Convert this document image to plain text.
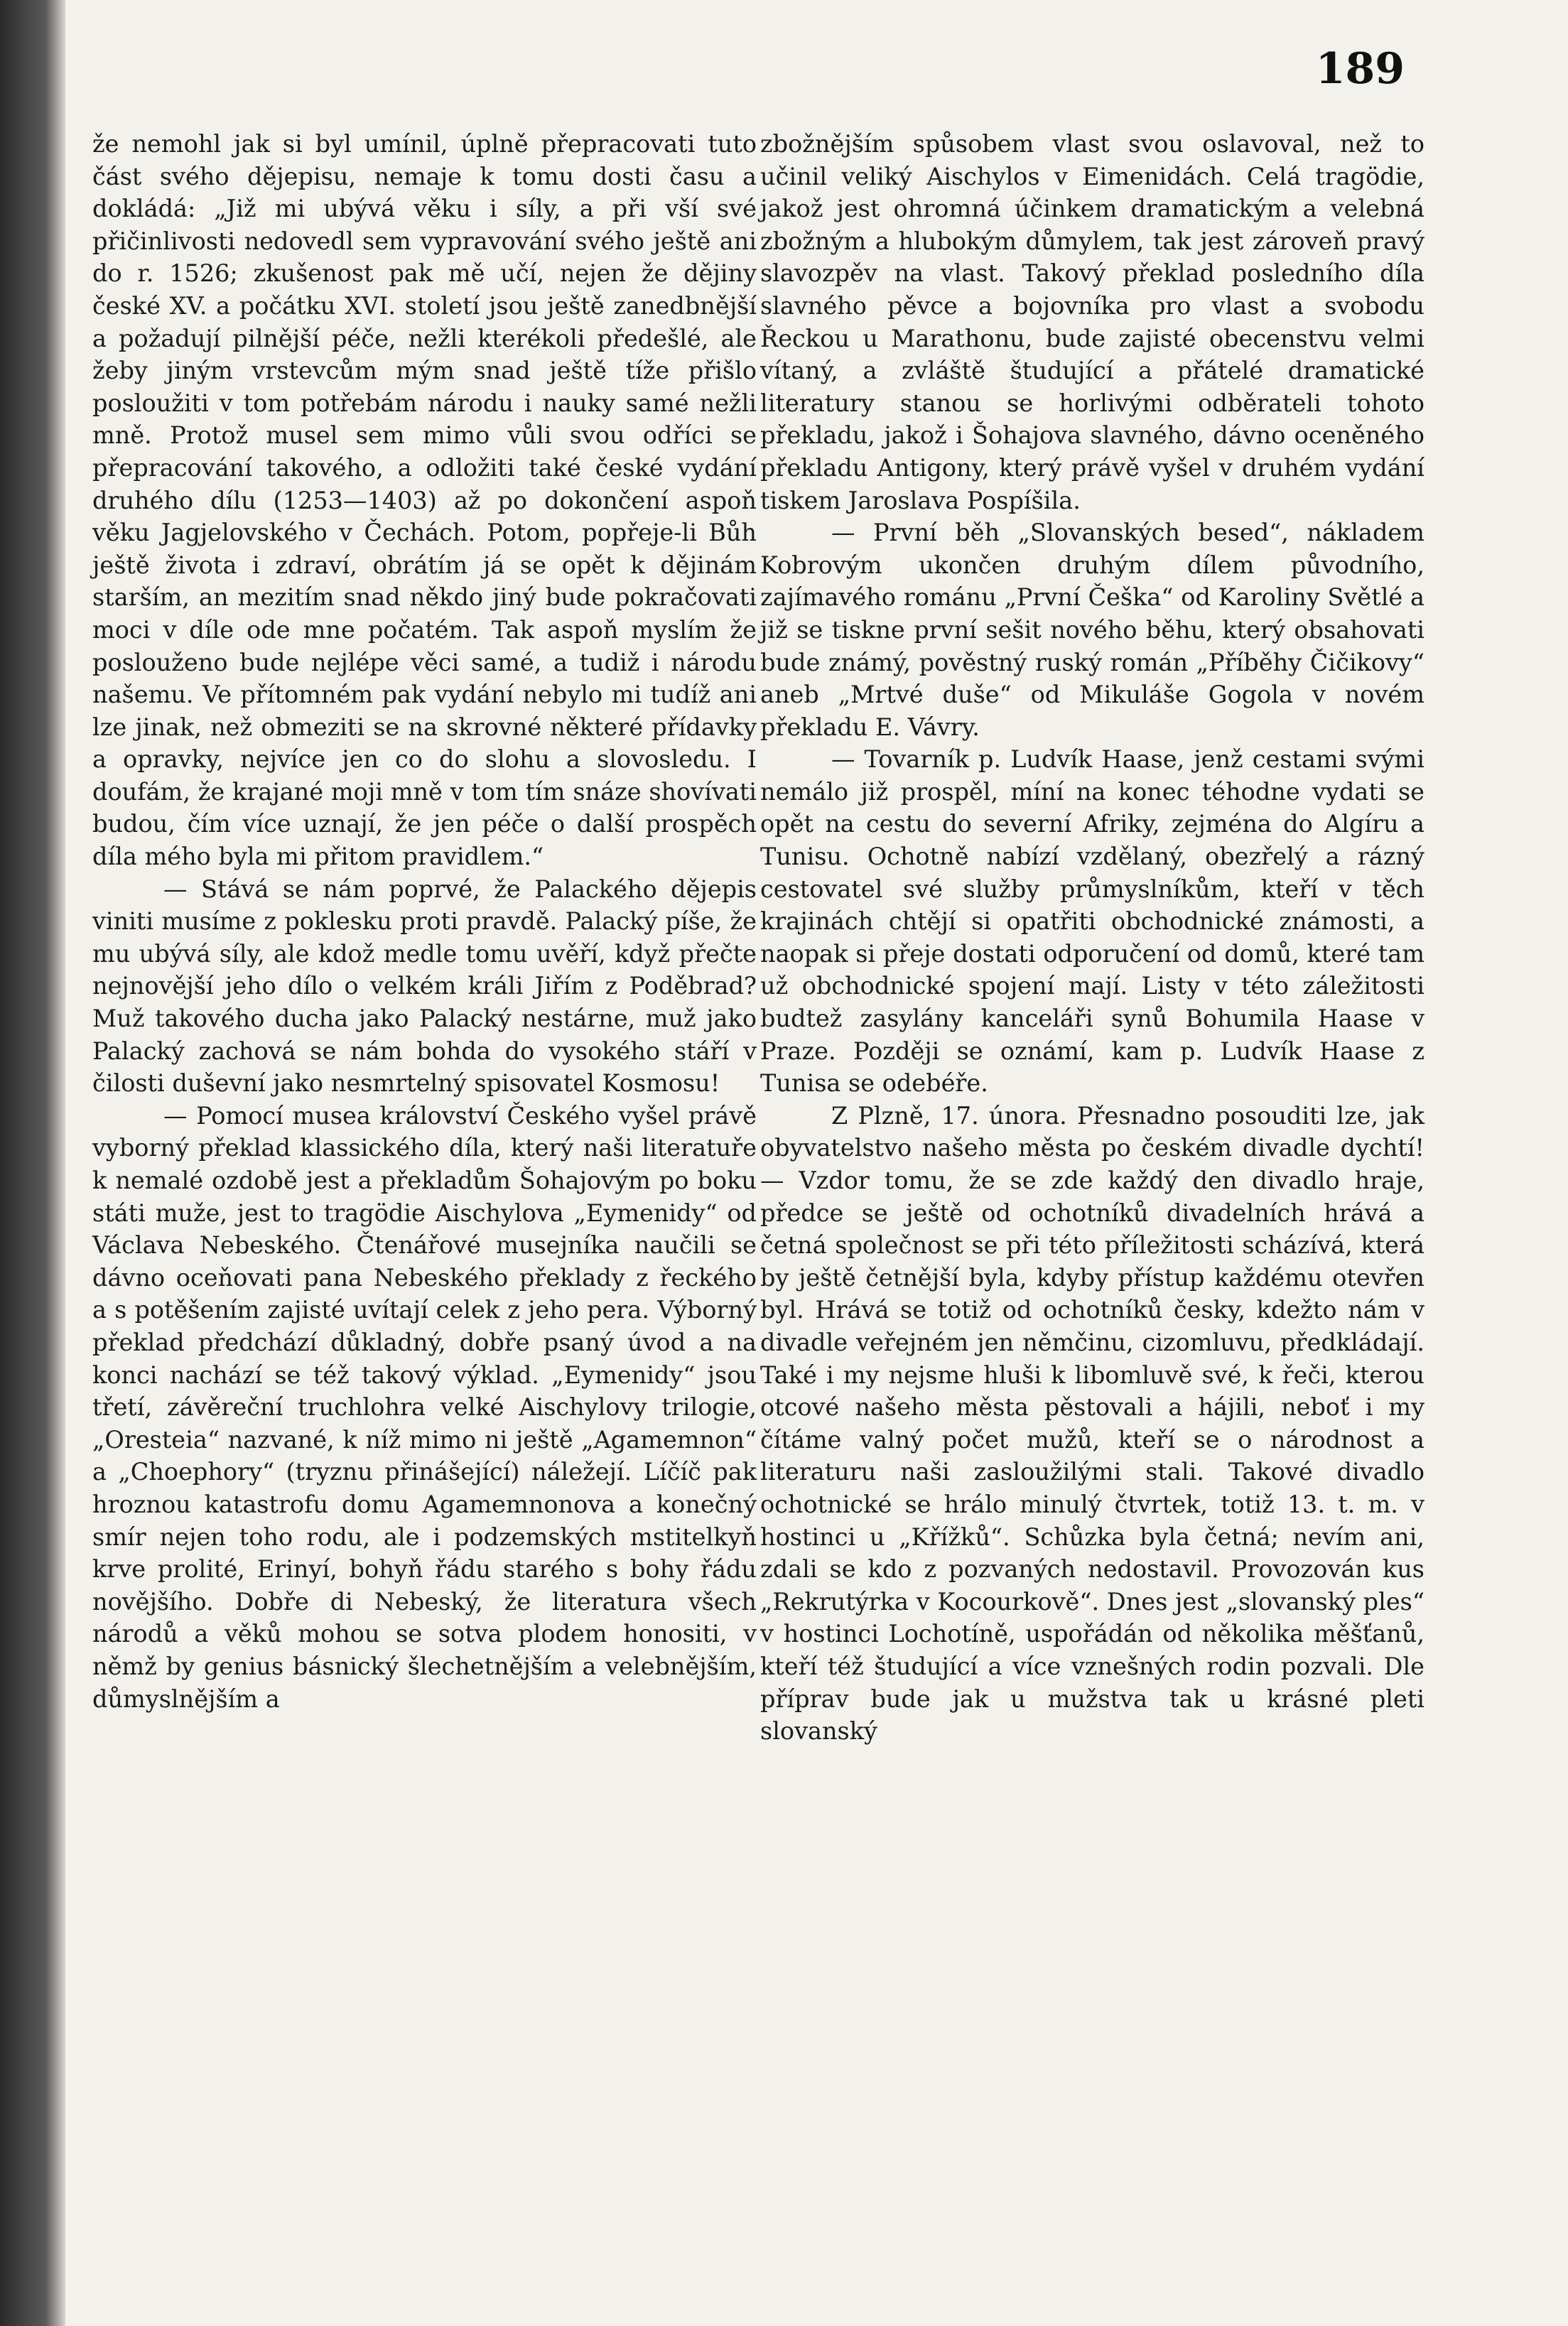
189

že nemohl jak si byl umínil, úplně přepracovati tuto část svého dějepisu, nemaje k tomu dosti času a dokládá: „Již mi ubývá věku i síly, a při vší své přičinlivosti nedovedl sem vypravování svého ještě ani do r. 1526; zkušenost pak mě učí, nejen že dějiny české XV. a počátku XVI. století jsou ještě zanedbnější a požadují pilnější péče, nežli kterékoli předešlé, ale žeby jiným vrstevcům mým snad ještě tíže přišlo posloužiti v tom potřebám národu i nauky samé nežli mně. Protož musel sem mimo vůli svou odříci se přepracování takového, a odložiti také české vydání druhého dílu (1253—1403) až po dokončení aspoň věku Jagjelovského v Čechách. Potom, popřeje-li Bůh ještě života i zdraví, obrátím já se opět k dějinám starším, an mezitím snad někdo jiný bude pokračovati moci v díle ode mne počatém. Tak aspoň myslím že poslouženo bude nejlépe věci samé, a tudiž i národu našemu. Ve přítomném pak vydání nebylo mi tudíž ani lze jinak, než obmeziti se na skrovné některé přídavky a opravky, nejvíce jen co do slohu a slovosledu. I doufám, že krajané moji mně v tom tím snáze shovívati budou, čím více uznají, že jen péče o další prospěch díla mého byla mi přitom pravidlem.“

— Stává se nám poprvé, že Palackého dějepis viniti musíme z poklesku proti pravdě. Palacký píše, že mu ubývá síly, ale kdož medle tomu uvěří, když přečte nejnovější jeho dílo o velkém králi Jiřím z Poděbrad? Muž takového ducha jako Palacký nestárne, muž jako Palacký zachová se nám bohda do vysokého stáří v čilosti duševní jako nesmrtelný spisovatel Kosmosu!

— Pomocí musea království Českého vyšel právě vyborný překlad klassického díla, který naši literatuře k nemalé ozdobě jest a překladům Šohajovým po boku státi muže, jest to tragödie Aischylova „Eymenidy“ od Václava Nebeského. Čtenářové musejníka naučili se dávno oceňovati pana Nebeského překlady z řeckého a s potěšením zajisté uvítají celek z jeho pera. Výborný překlad předchází důkladný, dobře psaný úvod a na konci nachází se též takový výklad. „Eymenidy“ jsou třetí, závěreční truchlohra velké Aischylovy trilogie, „Oresteia“ nazvané, k níž mimo ni ještě „Agamemnon“ a „Choephory“ (tryznu přinášející) náležejí. Líčíč pak hroznou katastrofu domu Agamemnonova a konečný smír nejen toho rodu, ale i podzemských mstitelkyň krve prolité, Erinyí, bohyň řádu starého s bohy řádu novějšího. Dobře di Nebeský, že literatura všech národů a věků mohou se sotva plodem honositi, v němž by genius básnický šlechetnějším a velebnějším, důmyslnějším a

zbožnějším spůsobem vlast svou oslavoval, než to učinil veliký Aischylos v Eimenidách. Celá tragödie, jakož jest ohromná účinkem dramatickým a velebná zbožným a hlubokým důmylem, tak jest zároveň pravý slavozpěv na vlast. Takový překlad posledního díla slavného pěvce a bojovníka pro vlast a svobodu Řeckou u Marathonu, bude zajisté obecenstvu velmi vítaný, a zvláště študující a přátelé dramatické literatury stanou se horlivými odběrateli tohoto překladu, jakož i Šohajova slavného, dávno oceněného překladu Antigony, který právě vyšel v druhém vydání tiskem Jaroslava Pospíšila.

— První běh „Slovanských besed“, nákladem Kobrovým ukončen druhým dílem původního, zajímavého románu „První Češka“ od Karoliny Světlé a již se tiskne první sešit nového běhu, který obsahovati bude známý, pověstný ruský román „Příběhy Čičikovy“ aneb „Mrtvé duše“ od Mikuláše Gogola v novém překladu E. Vávry.

— Tovarník p. Ludvík Haase, jenž cestami svými nemálo již prospěl, míní na konec téhodne vydati se opět na cestu do severní Afriky, zejména do Algíru a Tunisu. Ochotně nabízí vzdělaný, obezřelý a rázný cestovatel své služby průmyslníkům, kteří v těch krajinách chtějí si opatřiti obchodnické známosti, a naopak si přeje dostati odporučení od domů, které tam už obchodnické spojení mají. Listy v této záležitosti budtež zasylány kanceláři synů Bohumila Haase v Praze. Později se oznámí, kam p. Ludvík Haase z Tunisa se odebéře.

Z Plzně, 17. února. Přesnadno posouditi lze, jak obyvatelstvo našeho města po českém divadle dychtí! — Vzdor tomu, že se zde každý den divadlo hraje, předce se ještě od ochotníků divadelních hrává a četná společnost se při této příležitosti scházívá, která by ještě četnější byla, kdyby přístup každému otevřen byl. Hrává se totiž od ochotníků česky, kdežto nám v divadle veřejném jen němčinu, cizomluvu, předkládají. Také i my nejsme hluši k libomluvě své, k řeči, kterou otcové našeho města pěstovali a hájili, neboť i my čítáme valný počet mužů, kteří se o národnost a literaturu naši zasloužilými stali. Takové divadlo ochotnické se hrálo minulý čtvrtek, totiž 13. t. m. v hostinci u „Křížků“. Schůzka byla četná; nevím ani, zdali se kdo z pozvaných nedostavil. Provozován kus „Rekrutýrka v Kocourkově“. Dnes jest „slovanský ples“ v hostinci Lochotíně, uspořádán od několika měšťanů, kteří též študující a více vznešných rodin pozvali. Dle příprav bude jak u mužstva tak u krásné pleti slovanský
